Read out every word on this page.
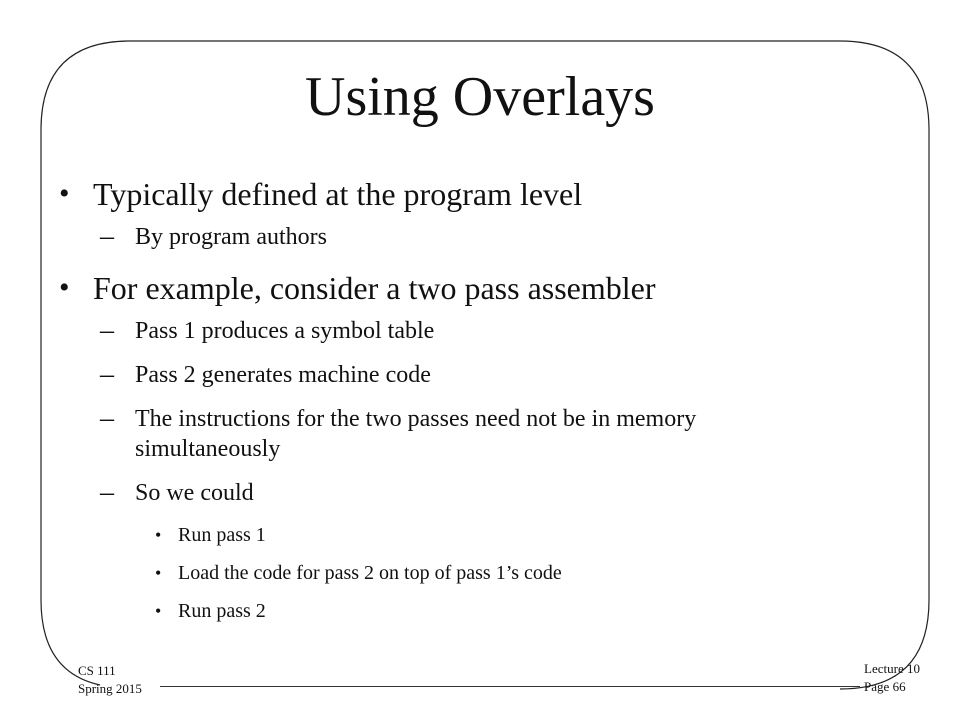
Using Overlays
• Typically defined at the program level
– By program authors
• For example, consider a two pass assembler
– Pass 1 produces a symbol table
– Pass 2 generates machine code
– The instructions for the two passes need not be in memory
simultaneously
– So we could
• Run pass 1
• Load the code for pass 2 on top of pass 1’s code
• Run pass 2
CS 111
Spring 2015
Lecture 10
Page 66
